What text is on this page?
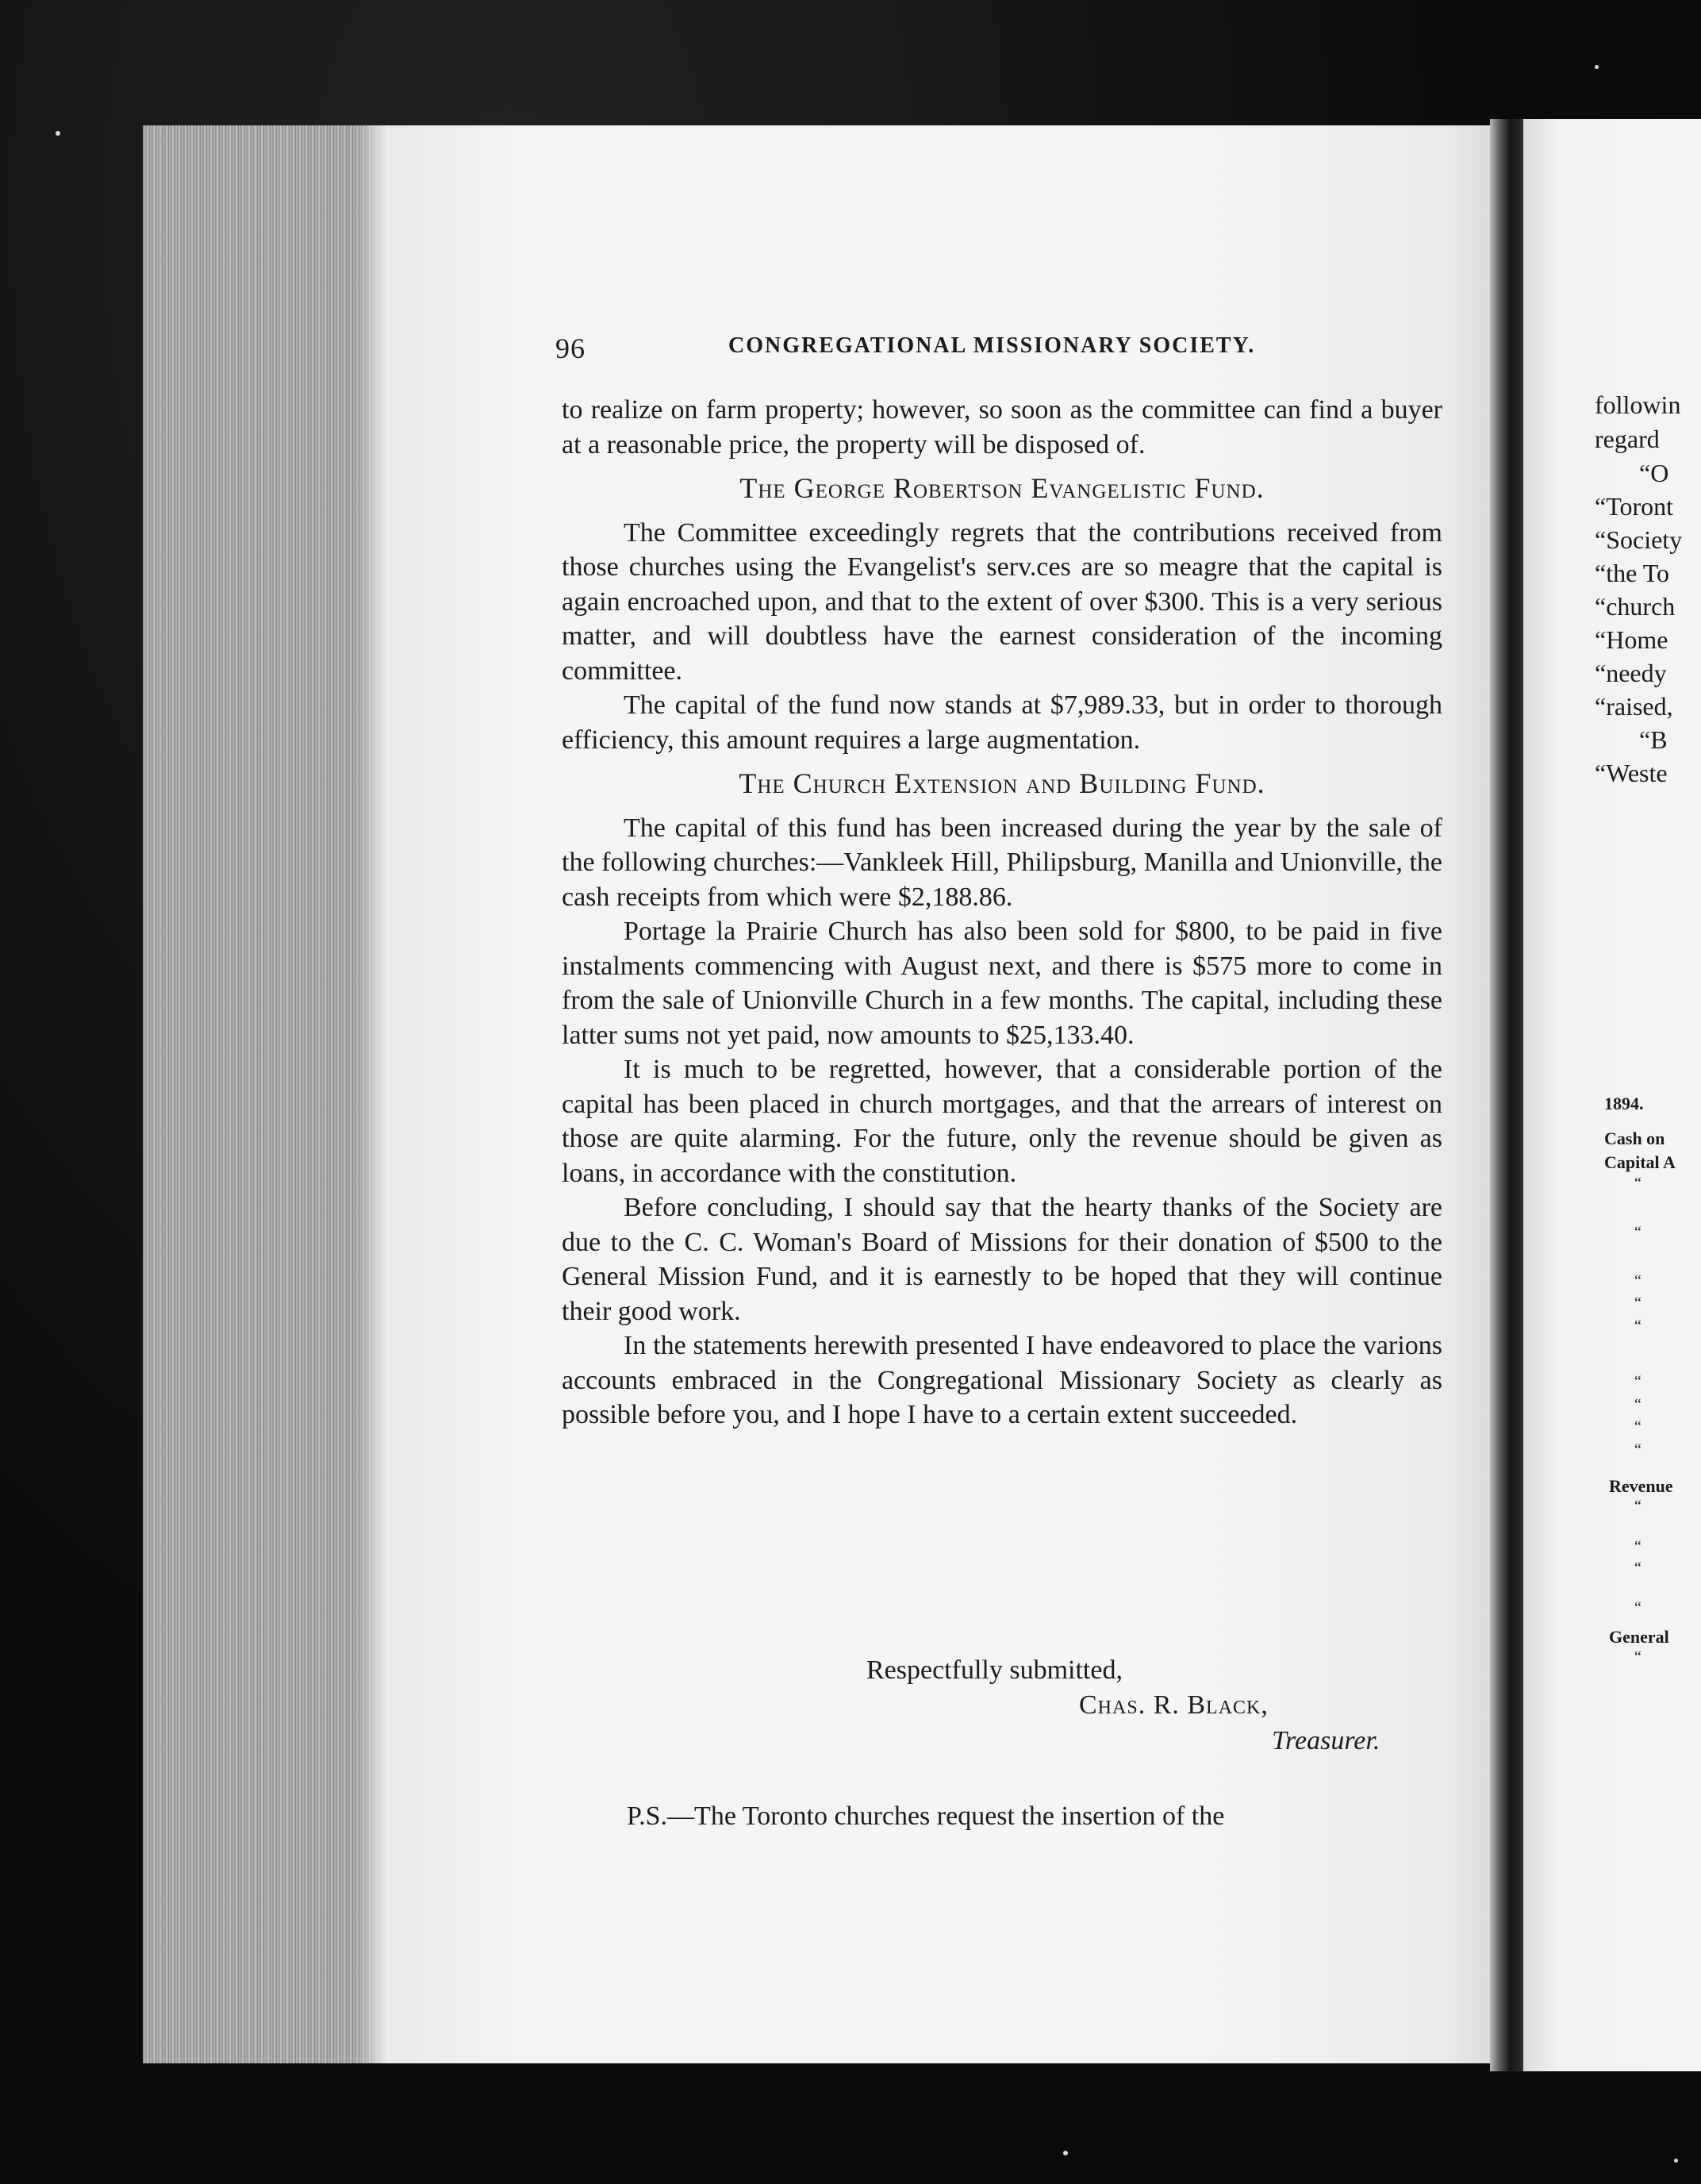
96	CONGREGATIONAL MISSIONARY SOCIETY.

to realize on farm property; however, so soon as the committee can find a buyer at a reasonable price, the property will be disposed of.

The George Robertson Evangelistic Fund.

The Committee exceedingly regrets that the contributions received from those churches using the Evangelist's serv.ces are so meagre that the capital is again encroached upon, and that to the extent of over $300. This is a very serious matter, and will doubtless have the earnest consideration of the incoming committee.

The capital of the fund now stands at $7,989.33, but in order to thorough efficiency, this amount requires a large augmentation.

The Church Extension and Building Fund.

The capital of this fund has been increased during the year by the sale of the following churches:—Vankleek Hill, Philipsburg, Manilla and Unionville, the cash receipts from which were $2,188.86.

Portage la Prairie Church has also been sold for $800, to be paid in five instalments commencing with August next, and there is $575 more to come in from the sale of Unionville Church in a few months. The capital, including these latter sums not yet paid, now amounts to $25,133.40.

It is much to be regretted, however, that a considerable portion of the capital has been placed in church mortgages, and that the arrears of interest on those are quite alarming. For the future, only the revenue should be given as loans, in accordance with the constitution.

Before concluding, I should say that the hearty thanks of the Society are due to the C. C. Woman's Board of Missions for their donation of $500 to the General Mission Fund, and it is earnestly to be hoped that they will continue their good work.

In the statements herewith presented I have endeavored to place the varions accounts embraced in the Congregational Missionary Society as clearly as possible before you, and I hope I have to a certain extent succeeded.

Respectfully submitted,
Chas. R. Black,
Treasurer.
P.S.—The Toronto churches request the insertion of the
followin
regard
“O
“Toront
“Society
“the To
“church
“Home
“needy
“raised,
“B
“Weste
1894.
Cash on
Capital A
“
“
“
“
“
“
“
“
“
Revenue
“
“
“
“
General
“
